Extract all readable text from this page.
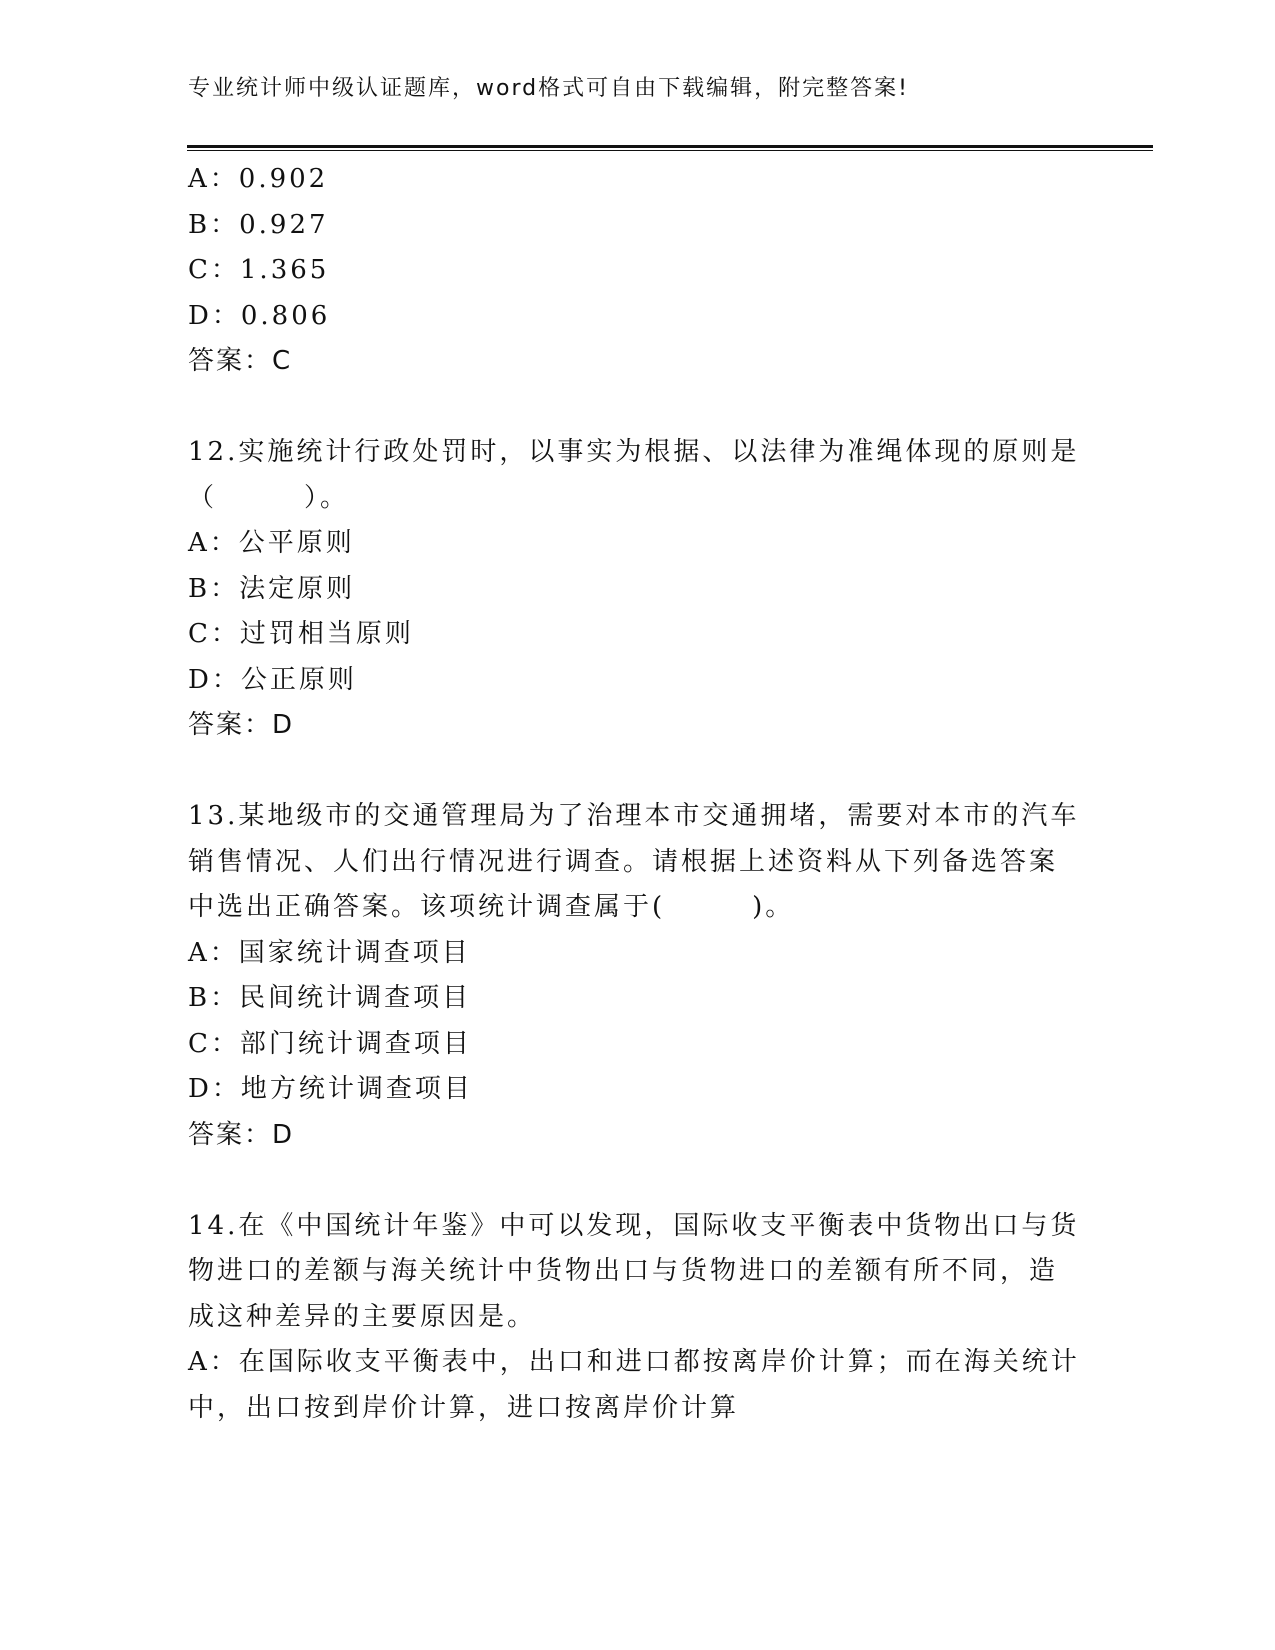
专业统计师中级认证题库，word格式可自由下载编辑，附完整答案!

A：0.902

B：0.927

C：1.365

D：0.806

答案：C

12.实施统计行政处罚时，以事实为根据、以法律为准绳体现的原则是
（　　　）。

A：公平原则

B：法定原则

C：过罚相当原则

D：公正原则

答案：D

13.某地级市的交通管理局为了治理本市交通拥堵，需要对本市的汽车
销售情况、人们出行情况进行调查。请根据上述资料从下列备选答案
中选出正确答案。该项统计调查属于(　　　)。

A：国家统计调查项目

B：民间统计调查项目

C：部门统计调查项目

D：地方统计调查项目

答案：D

14.在《中国统计年鉴》中可以发现，国际收支平衡表中货物出口与货
物进口的差额与海关统计中货物出口与货物进口的差额有所不同，造
成这种差异的主要原因是。

A：在国际收支平衡表中，出口和进口都按离岸价计算；而在海关统计
中，出口按到岸价计算，进口按离岸价计算
